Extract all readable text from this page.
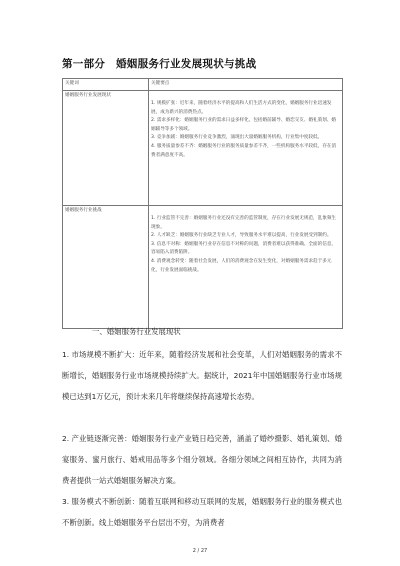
第一部分　婚姻服务行业发展现状与挑战
关键词	关键要点
婚姻服务行业发展现状	1. 规模扩张：近年来，随着经济水平的提高和人们生活方式的变化，婚姻服务行业迅速发展，成为新兴的消费热点。
2. 需求多样化：婚姻服务行业的需求日益多样化，包括婚前辅导、婚恋交友、婚礼策划、婚姻辅导等多个领域。
3. 竞争加剧：婚姻服务行业竞争激烈，涌现出大量婚姻服务机构，行业集中度较低。
4. 服务质量参差不齐：婚姻服务行业的服务质量参差不齐，一些机构服务水平较低，存在消费者满意度不高。

婚姻服务行业挑战	1. 行业监管不完善：婚姻服务行业还没有完善的监管制度，存在行业发展无规范，乱象频生现象。
2. 人才缺乏：婚姻服务行业缺乏专业人才，导致服务水平难以提高，行业发展受到制约。
3. 信息不对称：婚姻服务行业存在信息不对称的问题，消费者难以获得准确、全面的信息，容易陷入消费陷阱。
4. 消费观念转变：随着社会发展，人们的消费观念在发生变化，对婚姻服务需求趋于多元化，行业发展面临挑战。
一、婚姻服务行业发展现状

1. 市场规模不断扩大：近年来，随着经济发展和社会变革，人们对婚姻服务的需求不断增长，婚姻服务行业市场规模持续扩大。据统计，2021年中国婚姻服务行业市场规模已达到1万亿元，预计未来几年将继续保持高速增长态势。

2. 产业链逐渐完善：婚姻服务行业产业链日趋完善，涵盖了婚纱摄影、婚礼策划、婚宴服务、蜜月旅行、婚戒用品等多个细分领域。各细分领域之间相互协作，共同为消费者提供一站式婚姻服务解决方案。

3. 服务模式不断创新：随着互联网和移动互联网的发展，婚姻服务行业的服务模式也不断创新。线上婚姻服务平台层出不穷，为消费者

2 / 27
